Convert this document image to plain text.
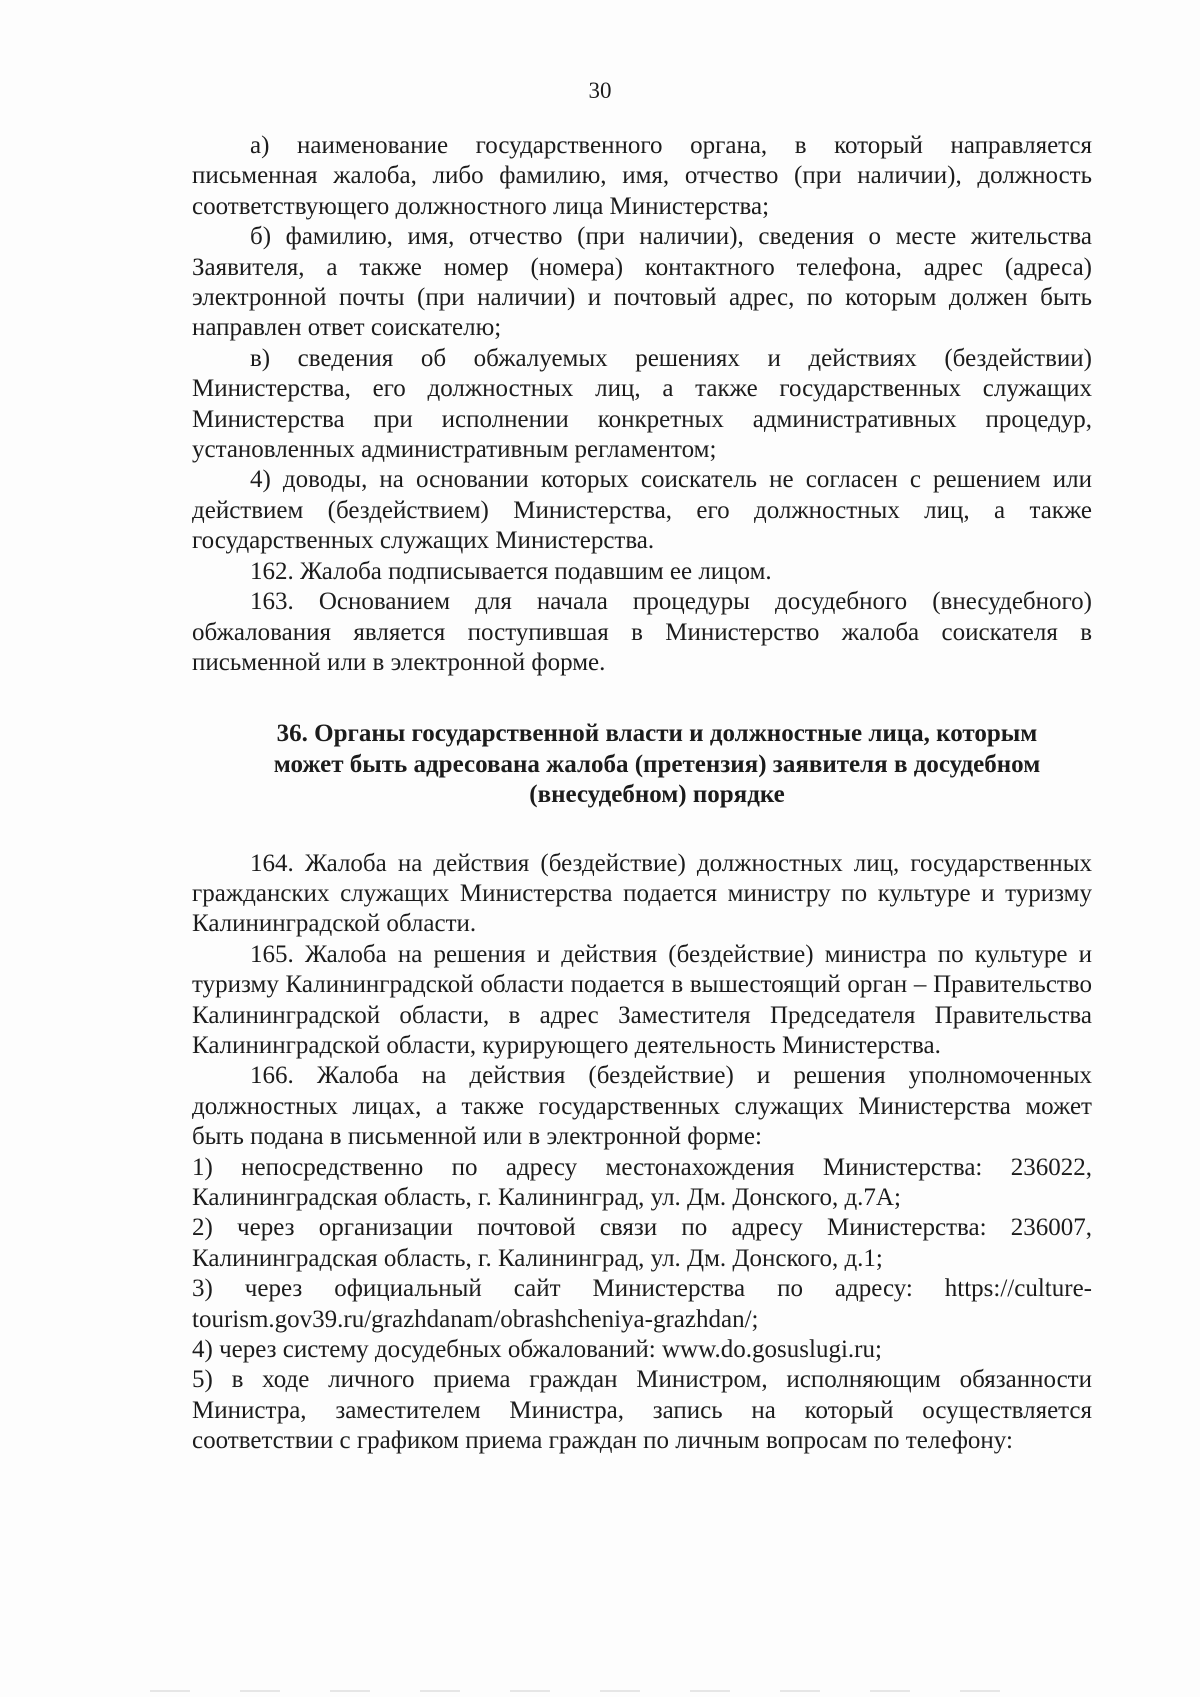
30

а) наименование государственного органа, в который направляется письменная жалоба, либо фамилию, имя, отчество (при наличии), должность соответствующего должностного лица Министерства;

б) фамилию, имя, отчество (при наличии), сведения о месте жительства Заявителя, а также номер (номера) контактного телефона, адрес (адреса) электронной почты (при наличии) и почтовый адрес, по которым должен быть направлен ответ соискателю;

в) сведения об обжалуемых решениях и действиях (бездействии) Министерства, его должностных лиц, а также государственных служащих Министерства при исполнении конкретных административных процедур, установленных административным регламентом;

4) доводы, на основании которых соискатель не согласен с решением или действием (бездействием) Министерства, его должностных лиц, а также государственных служащих Министерства.

162. Жалоба подписывается подавшим ее лицом.

163. Основанием для начала процедуры досудебного (внесудебного) обжалования является поступившая в Министерство жалоба соискателя в письменной или в электронной форме.

36. Органы государственной власти и должностные лица, которым
может быть адресована жалоба (претензия) заявителя в досудебном
(внесудебном) порядке

164. Жалоба на действия (бездействие) должностных лиц, государственных гражданских служащих Министерства подается министру по культуре и туризму Калининградской области.

165. Жалоба на решения и действия (бездействие) министра по культуре и туризму Калининградской области подается в вышестоящий орган – Правительство Калининградской области, в адрес Заместителя Председателя Правительства Калининградской области, курирующего деятельность Министерства.

166. Жалоба на действия (бездействие) и решения уполномоченных должностных лицах, а также государственных служащих Министерства может быть подана в письменной или в электронной форме:

1) непосредственно по адресу местонахождения Министерства: 236022, Калининградская область, г. Калининград, ул. Дм. Донского, д.7А;

2) через организации почтовой связи по адресу Министерства: 236007, Калининградская область, г. Калининград, ул. Дм. Донского, д.1;

3) через официальный сайт Министерства по адресу: https://culture-tourism.gov39.ru/grazhdanam/obrashcheniya-grazhdan/;

4) через систему досудебных обжалований: www.do.gosuslugi.ru;

5) в ходе личного приема граждан Министром, исполняющим обязанности Министра, заместителем Министра, запись на который осуществляется соответствии с графиком приема граждан по личным вопросам по телефону:
